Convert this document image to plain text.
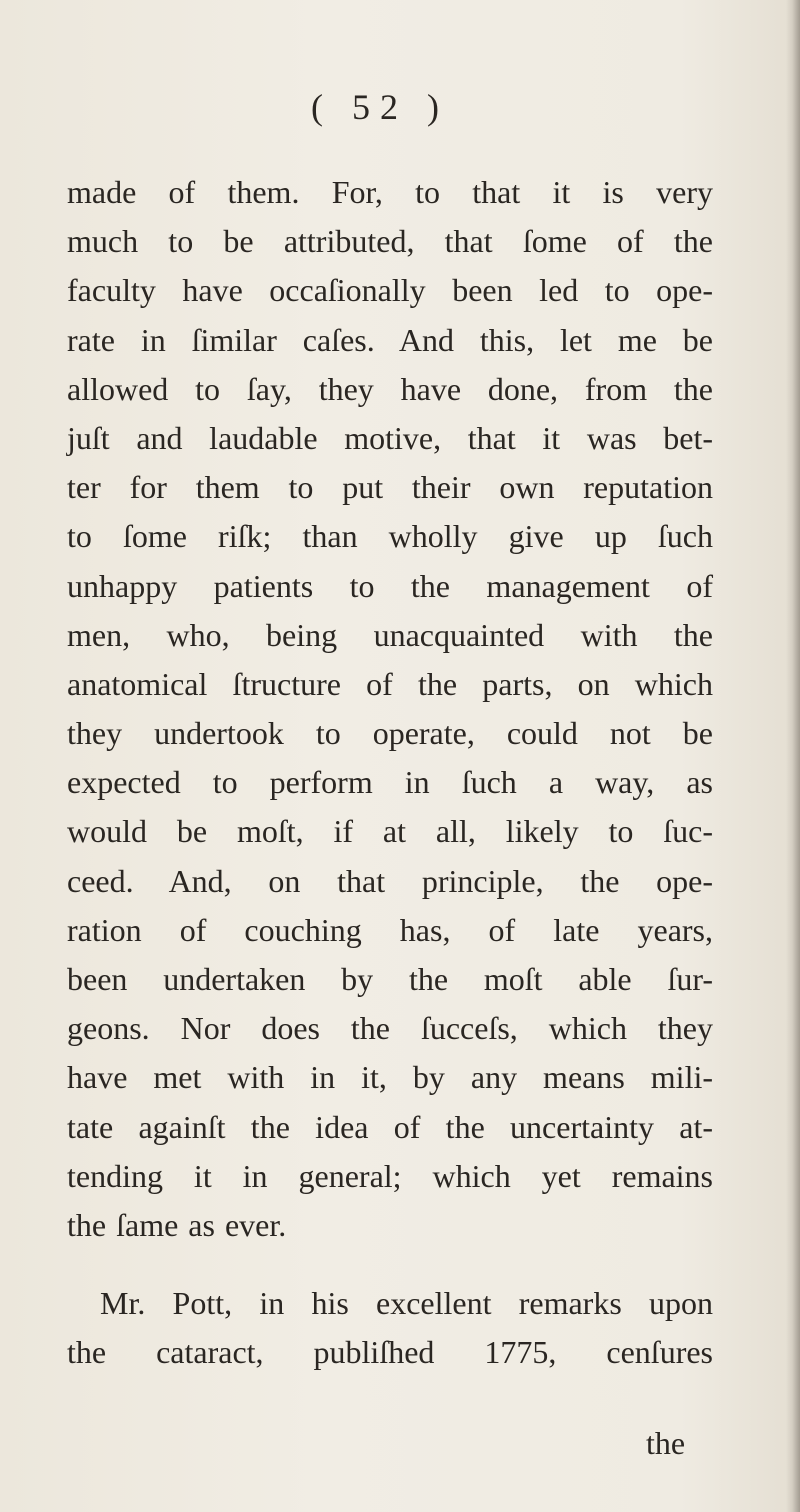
( 52 )
made of them. For, to that it is very
much to be attributed, that ſome of the
faculty have occaſionally been led to ope-
rate in ſimilar caſes. And this, let me be
allowed to ſay, they have done, from the
juſt and laudable motive, that it was bet-
ter for them to put their own reputation
to ſome riſk; than wholly give up ſuch
unhappy patients to the management of
men, who, being unacquainted with the
anatomical ſtructure of the parts, on which
they undertook to operate, could not be
expected to perform in ſuch a way, as
would be moſt, if at all, likely to ſuc-
ceed. And, on that principle, the ope-
ration of couching has, of late years,
been undertaken by the moſt able ſur-
geons. Nor does the ſucceſs, which they
have met with in it, by any means mili-
tate againſt the idea of the uncertainty at-
tending it in general; which yet remains
the ſame as ever.
Mr. Pott, in his excellent remarks upon
the cataract, publiſhed 1775, cenſures
the
